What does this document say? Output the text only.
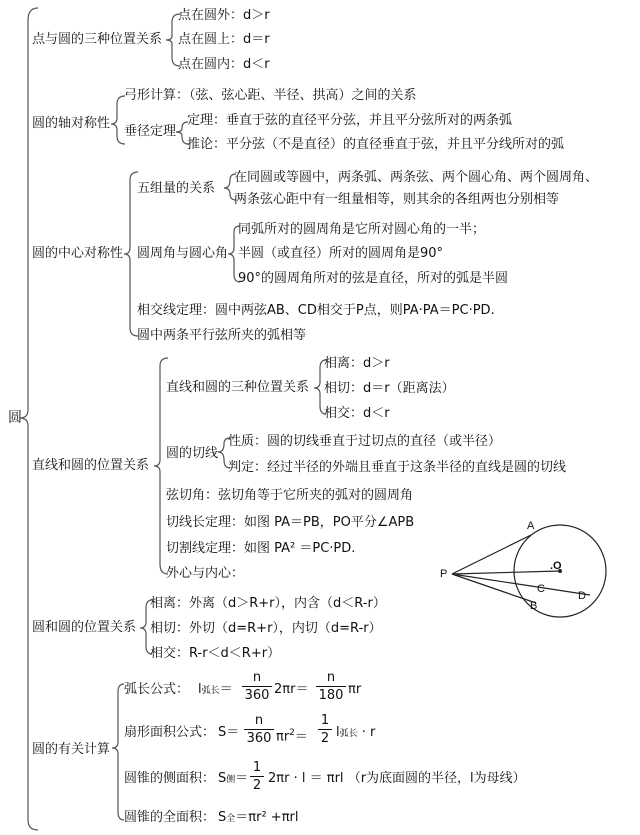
圆
点与圆的三种位置关系
点在圆外：d＞r
点在圆上：d＝r
点在圆内：d＜r
圆的轴对称性
弓形计算：（弦、弦心距、半径、拱高）之间的关系
垂径定理
定理：垂直于弦的直径平分弦，并且平分弦所对的两条弧
推论：平分弦（不是直径）的直径垂直于弦，并且平分线所对的弧
圆的中心对称性
五组量的关系
在同圆或等圆中，两条弧、两条弦、两个圆心角、两个圆周角、
两条弦心距中有一组量相等，则其余的各组两也分别相等
圆周角与圆心角
同弧所对的圆周角是它所对圆心角的一半；
半圆（或直径）所对的圆周角是90°
90°的圆周角所对的弦是直径，所对的弧是半圆
相交线定理：圆中两弦AB、CD相交于P点，则PA·PA＝PC·PD.
圆中两条平行弦所夹的弧相等
直线和圆的位置关系
直线和圆的三种位置关系
相离：d＞r
相切：d＝r（距离法）
相交：d＜r
圆的切线
性质：圆的切线垂直于过切点的直径（或半径）
判定：经过半径的外端且垂直于这条半径的直线是圆的切线
弦切角：弦切角等于它所夹的弧对的圆周角
切线长定理：如图 PA＝PB，PO平分∠APB
切割线定理：如图 PA² ＝PC·PD.
外心与内心：
A
B
C
D
P
.O
圆和圆的位置关系
相离：外离（d＞R+r），内含（d＜R-r）
相切：外切（d=R+r），内切（d=R-r）
相交：R-r＜d＜R+r）
圆的有关计算
弧长公式： l弧长＝
n
360 2πr＝
n
180 πr
扇形面积公式： S＝
n
360 $\pi r^2=$
1
2 l弧长 · r
圆锥的侧面积： S侧＝
1
2 2πr · l ＝ πrl （r为底面圆的半径，l为母线）
圆锥的全面积： S全＝πr² +πrl
